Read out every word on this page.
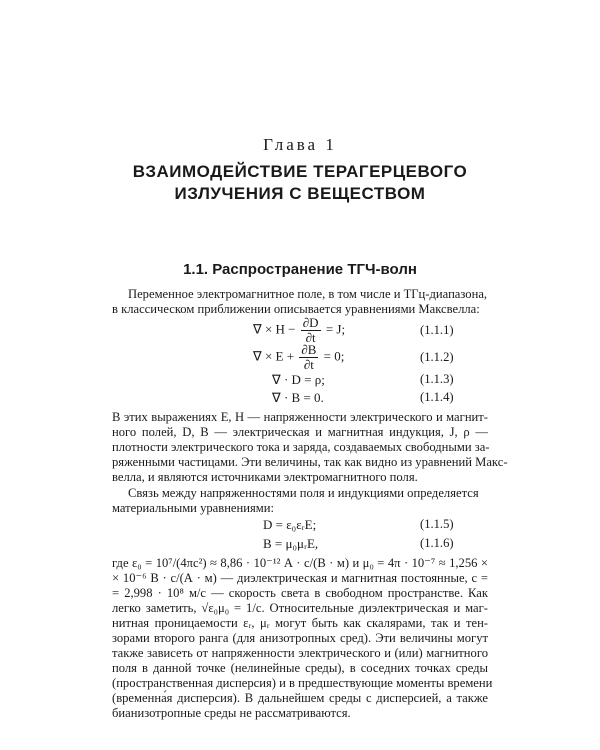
Глава 1
ВЗАИМОДЕЙСТВИЕ ТЕРАГЕРЦЕВОГО
ИЗЛУЧЕНИЯ С ВЕЩЕСТВОМ
1.1. Распространение ТГЧ-волн
Переменное электромагнитное поле, в том числе и ТГц-диапазона,
в классическом приближении описывается уравнениями Максвелла:
∇ × $H - \frac{\partial D}{\partial t} = J$;	(1.1.1)
∇ × $E + \frac{\partial B}{\partial t} = 0$;	(1.1.2)
∇ · D = ρ;	(1.1.3)
∇ · B = 0.	(1.1.4)
В этих выражениях E, H — напряженности электрического и магнит-
ного полей, D, B — электрическая и магнитная индукция, J, ρ —
плотности электрического тока и заряда, создаваемых свободными за-
ряженными частицами. Эти величины, так как видно из уравнений Макс-
велла, и являются источниками электромагнитного поля.
Связь между напряженностями поля и индукциями определяется
материальными уравнениями:
D = ε₀εᵣE;	(1.1.5)
B = μ₀μᵣE,	(1.1.6)
где ε₀ = 10⁷/(4πc²) ≈ 8,86 · 10⁻¹² А · с/(В · м) и μ₀ = 4π · 10⁻⁷ ≈ 1,256 ×
× 10⁻⁶ В · с/(А · м) — диэлектрическая и магнитная постоянные, c =
= 2,998 · 10⁸ м/с — скорость света в свободном пространстве. Как
легко заметить, √ε₀μ₀ = 1/c. Относительные диэлектрическая и маг-
нитная проницаемости εᵣ, μᵣ могут быть как скалярами, так и тен-
зорами второго ранга (для анизотропных сред). Эти величины могут
также зависеть от напряженности электрического и (или) магнитного
поля в данной точке (нелинейные среды), в соседних точках среды
(пространственная дисперсия) и в предшествующие моменты времени
(временна́я дисперсия). В дальнейшем среды с дисперсией, а также
бианизотропные среды не рассматриваются.
